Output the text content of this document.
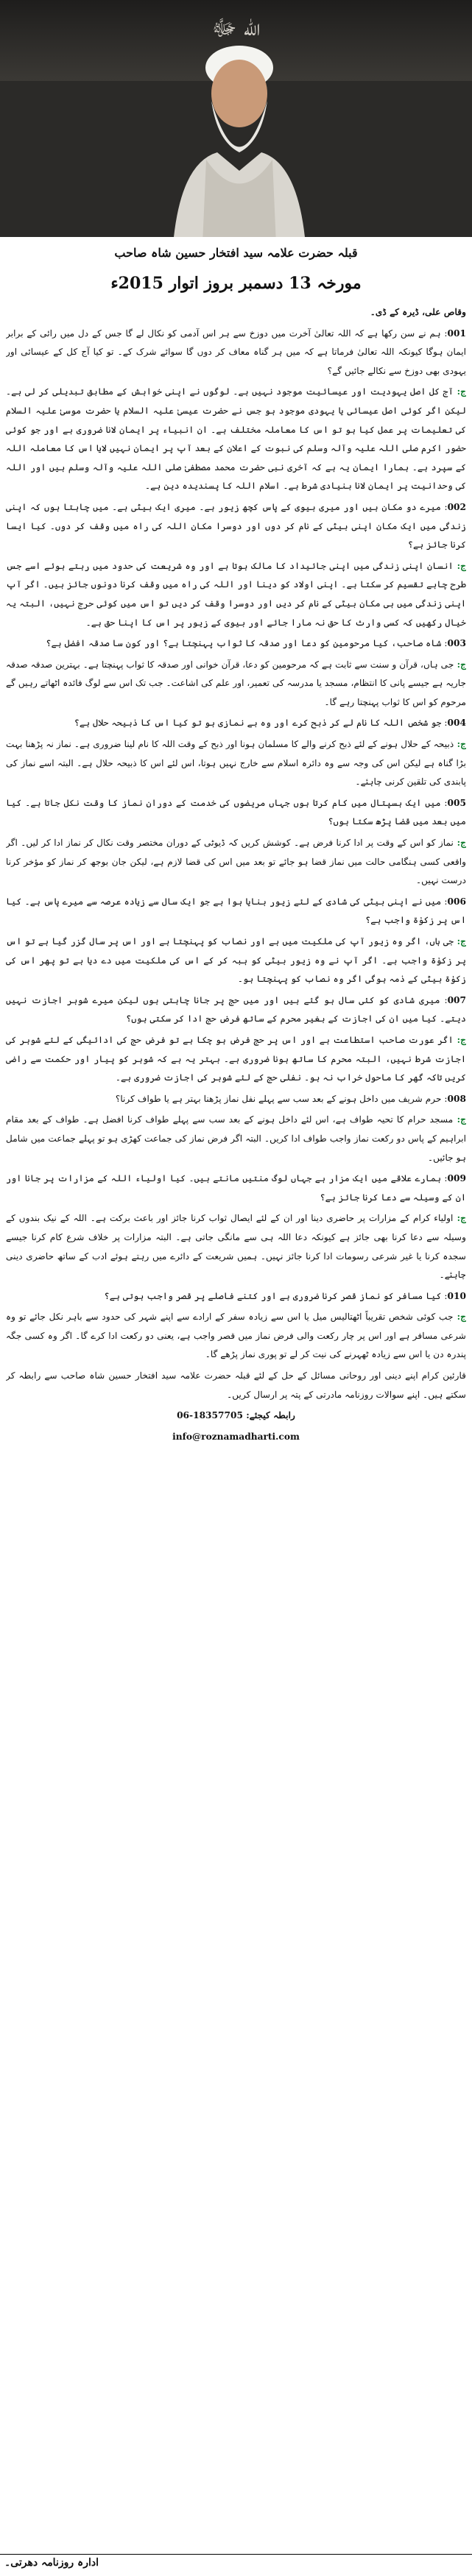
الله ﷻ
قبلہ حضرت علامہ سید افتخار حسین شاہ صاحب
مورخہ 13 دسمبر بروز اتوار 2015ء

وقاص علی، ڈیرہ کے ڈی۔

001: ہم نے سن رکھا ہے کہ اللہ تعالیٰ آخرت میں دوزخ سے ہر اس آدمی کو نکال لے گا جس کے دل میں رائی کے برابر ایمان ہوگا کیونکہ اللہ تعالیٰ فرماتا ہے کہ میں ہر گناہ معاف کر دوں گا سوائے شرک کے۔ تو کیا آج کل کے عیسائی اور یہودی بھی دوزخ سے نکالے جائیں گے؟

ج: آج کل اصل یہودیت اور عیسائیت موجود نہیں ہے۔ لوگوں نے اپنی خواہش کے مطابق تبدیلی کر لی ہے۔ لیکن اگر کوئی اصل عیسائی یا یہودی موجود ہو جس نے حضرت عیسیٰ علیہ السلام یا حضرت موسیٰ علیہ السلام کی تعلیمات پر عمل کیا ہو تو اس کا معاملہ مختلف ہے۔ ان انبیاء پر ایمان لانا ضروری ہے اور جو کوئی حضور اکرم صلی اللہ علیہ وآلہ وسلم کی نبوت کے اعلان کے بعد آپ پر ایمان نہیں لایا اس کا معاملہ اللہ کے سپرد ہے۔ ہمارا ایمان یہ ہے کہ آخری نبی حضرت محمد مصطفیٰ صلی اللہ علیہ وآلہ وسلم ہیں اور اللہ کی وحدانیت پر ایمان لانا بنیادی شرط ہے۔ اسلام اللہ کا پسندیدہ دین ہے۔

002: میرے دو مکان ہیں اور میری بیوی کے پاس کچھ زیور ہے۔ میری ایک بیٹی ہے۔ میں چاہتا ہوں کہ اپنی زندگی میں ایک مکان اپنی بیٹی کے نام کر دوں اور دوسرا مکان اللہ کی راہ میں وقف کر دوں۔ کیا ایسا کرنا جائز ہے؟

ج: انسان اپنی زندگی میں اپنی جائیداد کا مالک ہوتا ہے اور وہ شریعت کی حدود میں رہتے ہوئے اسے جس طرح چاہے تقسیم کر سکتا ہے۔ اپنی اولاد کو دینا اور اللہ کی راہ میں وقف کرنا دونوں جائز ہیں۔ اگر آپ اپنی زندگی میں ہی مکان بیٹی کے نام کر دیں اور دوسرا وقف کر دیں تو اس میں کوئی حرج نہیں، البتہ یہ خیال رکھیں کہ کسی وارث کا حق نہ مارا جائے اور بیوی کے زیور پر اس کا اپنا حق ہے۔

003: شاہ صاحب، کیا مرحومین کو دعا اور صدقہ کا ثواب پہنچتا ہے؟ اور کون سا صدقہ افضل ہے؟

ج: جی ہاں، قرآن و سنت سے ثابت ہے کہ مرحومین کو دعا، قرآن خوانی اور صدقہ کا ثواب پہنچتا ہے۔ بہترین صدقہ صدقہ جاریہ ہے جیسے پانی کا انتظام، مسجد یا مدرسہ کی تعمیر، اور علم کی اشاعت۔ جب تک اس سے لوگ فائدہ اٹھاتے رہیں گے مرحوم کو اس کا ثواب پہنچتا رہے گا۔

004: جو شخص اللہ کا نام لے کر ذبح کرے اور وہ بے نمازی ہو تو کیا اس کا ذبیحہ حلال ہے؟

ج: ذبیحہ کے حلال ہونے کے لئے ذبح کرنے والے کا مسلمان ہونا اور ذبح کے وقت اللہ کا نام لینا ضروری ہے۔ نماز نہ پڑھنا بہت بڑا گناہ ہے لیکن اس کی وجہ سے وہ دائرہ اسلام سے خارج نہیں ہوتا، اس لئے اس کا ذبیحہ حلال ہے۔ البتہ اسے نماز کی پابندی کی تلقین کرنی چاہئے۔

005: میں ایک ہسپتال میں کام کرتا ہوں جہاں مریضوں کی خدمت کے دوران نماز کا وقت نکل جاتا ہے۔ کیا میں بعد میں قضا پڑھ سکتا ہوں؟

ج: نماز کو اس کے وقت پر ادا کرنا فرض ہے۔ کوشش کریں کہ ڈیوٹی کے دوران مختصر وقت نکال کر نماز ادا کر لیں۔ اگر واقعی کسی ہنگامی حالت میں نماز قضا ہو جائے تو بعد میں اس کی قضا لازم ہے، لیکن جان بوجھ کر نماز کو مؤخر کرنا درست نہیں۔

006: میں نے اپنی بیٹی کی شادی کے لئے زیور بنایا ہوا ہے جو ایک سال سے زیادہ عرصہ سے میرے پاس ہے۔ کیا اس پر زکوٰۃ واجب ہے؟

ج: جی ہاں، اگر وہ زیور آپ کی ملکیت میں ہے اور نصاب کو پہنچتا ہے اور اس پر سال گزر گیا ہے تو اس پر زکوٰۃ واجب ہے۔ اگر آپ نے وہ زیور بیٹی کو ہبہ کر کے اس کی ملکیت میں دے دیا ہے تو پھر اس کی زکوٰۃ بیٹی کے ذمہ ہوگی اگر وہ نصاب کو پہنچتا ہو۔

007: میری شادی کو کئی سال ہو گئے ہیں اور میں حج پر جانا چاہتی ہوں لیکن میرے شوہر اجازت نہیں دیتے۔ کیا میں ان کی اجازت کے بغیر محرم کے ساتھ فرض حج ادا کر سکتی ہوں؟

ج: اگر عورت صاحب استطاعت ہے اور اس پر حج فرض ہو چکا ہے تو فرض حج کی ادائیگی کے لئے شوہر کی اجازت شرط نہیں، البتہ محرم کا ساتھ ہونا ضروری ہے۔ بہتر یہ ہے کہ شوہر کو پیار اور حکمت سے راضی کریں تاکہ گھر کا ماحول خراب نہ ہو۔ نفلی حج کے لئے شوہر کی اجازت ضروری ہے۔

008: حرم شریف میں داخل ہونے کے بعد سب سے پہلے نفل نماز پڑھنا بہتر ہے یا طواف کرنا؟

ج: مسجد حرام کا تحیہ طواف ہے، اس لئے داخل ہونے کے بعد سب سے پہلے طواف کرنا افضل ہے۔ طواف کے بعد مقام ابراہیم کے پاس دو رکعت نماز واجب طواف ادا کریں۔ البتہ اگر فرض نماز کی جماعت کھڑی ہو تو پہلے جماعت میں شامل ہو جائیں۔

009: ہمارے علاقے میں ایک مزار ہے جہاں لوگ منتیں مانتے ہیں۔ کیا اولیاء اللہ کے مزارات پر جانا اور ان کے وسیلہ سے دعا کرنا جائز ہے؟

ج: اولیاء کرام کے مزارات پر حاضری دینا اور ان کے لئے ایصال ثواب کرنا جائز اور باعث برکت ہے۔ اللہ کے نیک بندوں کے وسیلہ سے دعا کرنا بھی جائز ہے کیونکہ دعا اللہ ہی سے مانگی جاتی ہے۔ البتہ مزارات پر خلاف شرع کام کرنا جیسے سجدہ کرنا یا غیر شرعی رسومات ادا کرنا جائز نہیں۔ ہمیں شریعت کے دائرے میں رہتے ہوئے ادب کے ساتھ حاضری دینی چاہئے۔

010: کیا مسافر کو نماز قصر کرنا ضروری ہے اور کتنے فاصلے پر قصر واجب ہوتی ہے؟

ج: جب کوئی شخص تقریباً اٹھتالیس میل یا اس سے زیادہ سفر کے ارادے سے اپنے شہر کی حدود سے باہر نکل جائے تو وہ شرعی مسافر ہے اور اس پر چار رکعت والی فرض نماز میں قصر واجب ہے، یعنی دو رکعت ادا کرے گا۔ اگر وہ کسی جگہ پندرہ دن یا اس سے زیادہ ٹھہرنے کی نیت کر لے تو پوری نماز پڑھے گا۔

قارئین کرام اپنے دینی اور روحانی مسائل کے حل کے لئے قبلہ حضرت علامہ سید افتخار حسین شاہ صاحب سے رابطہ کر سکتے ہیں۔ اپنے سوالات روزنامہ مادرتی کے پتہ پر ارسال کریں۔

رابطہ کیجئے: 06-18357705

info@roznamadharti.com

ادارہ روزنامہ دھرتی۔
